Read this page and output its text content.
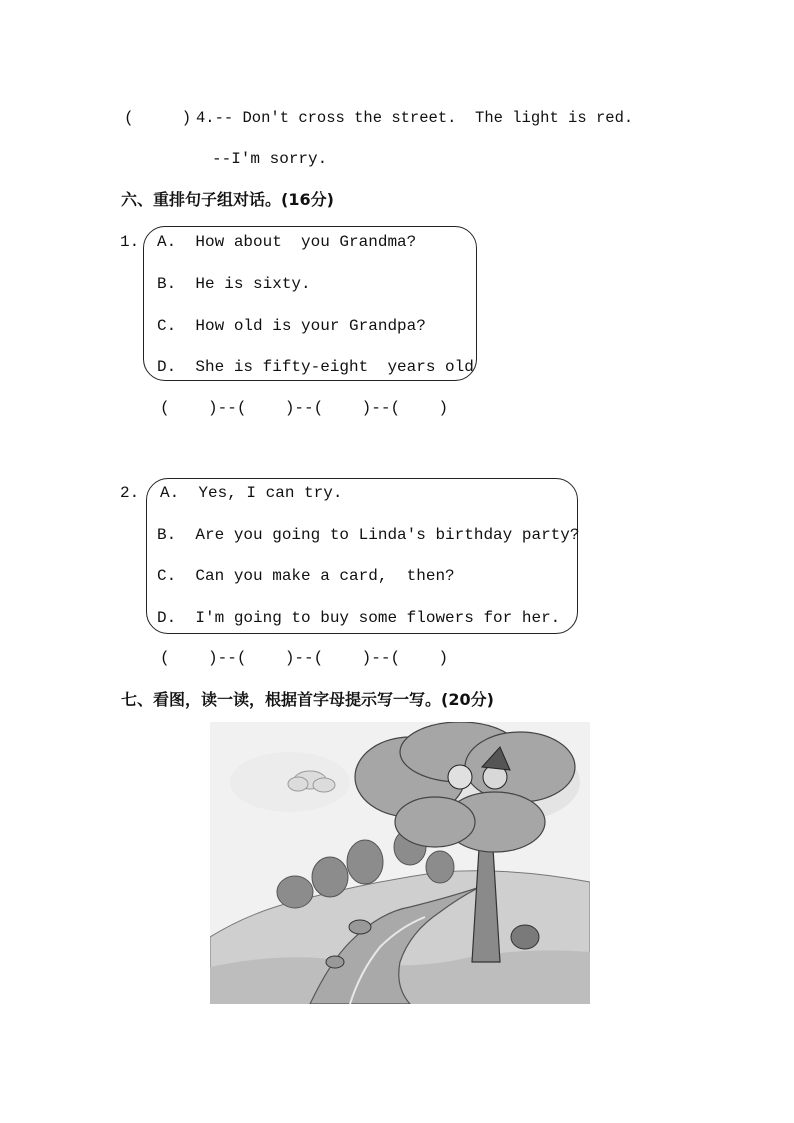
(     ) 4.-- Don't cross the street.  The light is red.
--I'm sorry.
六、重排句子组对话。(16分)
1. A.  How about  you Grandma?
B.  He is sixty.
C.  How old is your Grandpa?
D.  She is fifty-eight  years old
(    )--(    )--(    )--(    )
2. A.  Yes, I can try.
B.  Are you going to Linda's birthday party?
C.  Can you make a card,  then?
D.  I'm going to buy some flowers for her.
(    )--(    )--(    )--(    )
七、看图，读一读，根据首字母提示写一写。(20分)
